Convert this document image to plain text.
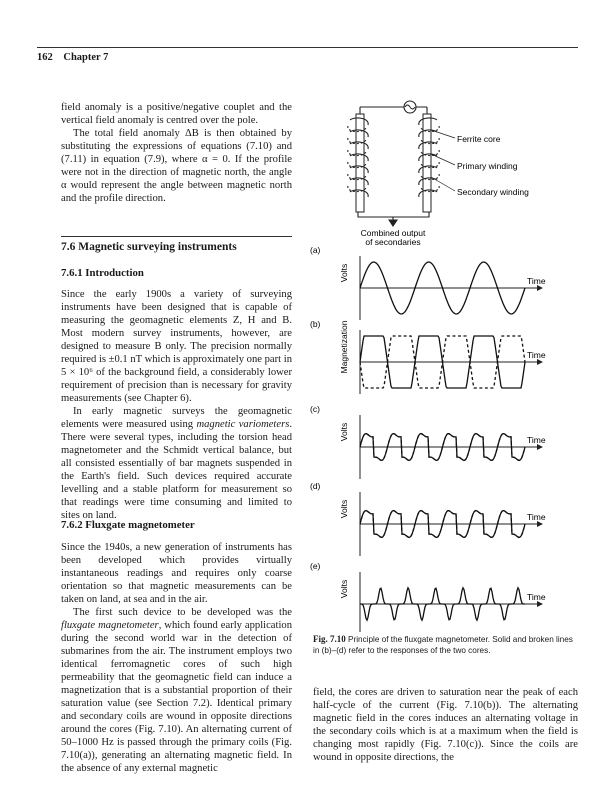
162 Chapter 7

field anomaly is a positive/negative couplet and the vertical field anomaly is centred over the pole.

The total field anomaly ΔB is then obtained by substituting the expressions of equations (7.10) and (7.11) in equation (7.9), where α = 0. If the profile were not in the direction of magnetic north, the angle α would represent the angle between magnetic north and the profile direction.

7.6 Magnetic surveying instruments
7.6.1 Introduction

Since the early 1900s a variety of surveying instruments have been designed that is capable of measuring the geomagnetic elements Z, H and B. Most modern survey instruments, however, are designed to measure B only. The precision normally required is ±0.1 nT which is approximately one part in 5 × 10⁶ of the background field, a considerably lower requirement of precision than is necessary for gravity measurements (see Chapter 6).

In early magnetic surveys the geomagnetic elements were measured using magnetic variometers. There were several types, including the torsion head magnetometer and the Schmidt vertical balance, but all consisted essentially of bar magnets suspended in the Earth's field. Such devices required accurate levelling and a stable platform for measurement so that readings were time consuming and limited to sites on land.

7.6.2 Fluxgate magnetometer

Since the 1940s, a new generation of instruments has been developed which provides virtually instantaneous readings and requires only coarse orientation so that magnetic measurements can be taken on land, at sea and in the air.

The first such device to be developed was the fluxgate magnetometer, which found early application during the second world war in the detection of submarines from the air. The instrument employs two identical ferromagnetic cores of such high permeability that the geomagnetic field can induce a magnetization that is a substantial proportion of their saturation value (see Section 7.2). Identical primary and secondary coils are wound in opposite directions around the cores (Fig. 7.10). An alternating current of 50–1000 Hz is passed through the primary coils (Fig. 7.10(a)), generating an alternating magnetic field. In the absence of any external magnetic

field, the cores are driven to saturation near the peak of each half-cycle of the current (Fig. 7.10(b)). The alternating magnetic field in the cores induces an alternating voltage in the secondary coils which is at a maximum when the field is changing most rapidly (Fig. 7.10(c)). Since the coils are wound in opposite directions, the
Ferrite core
Primary winding
Secondary winding
Combined output
of secondaries
(a)
Volts	Time
(b) Magnetization	Time
(c)
Volts	Time
(d)
Volts	Time
(e)
Volts	Time
Fig. 7.10 Principle of the fluxgate magnetometer. Solid and broken lines in (b)–(d) refer to the responses of the two cores.
